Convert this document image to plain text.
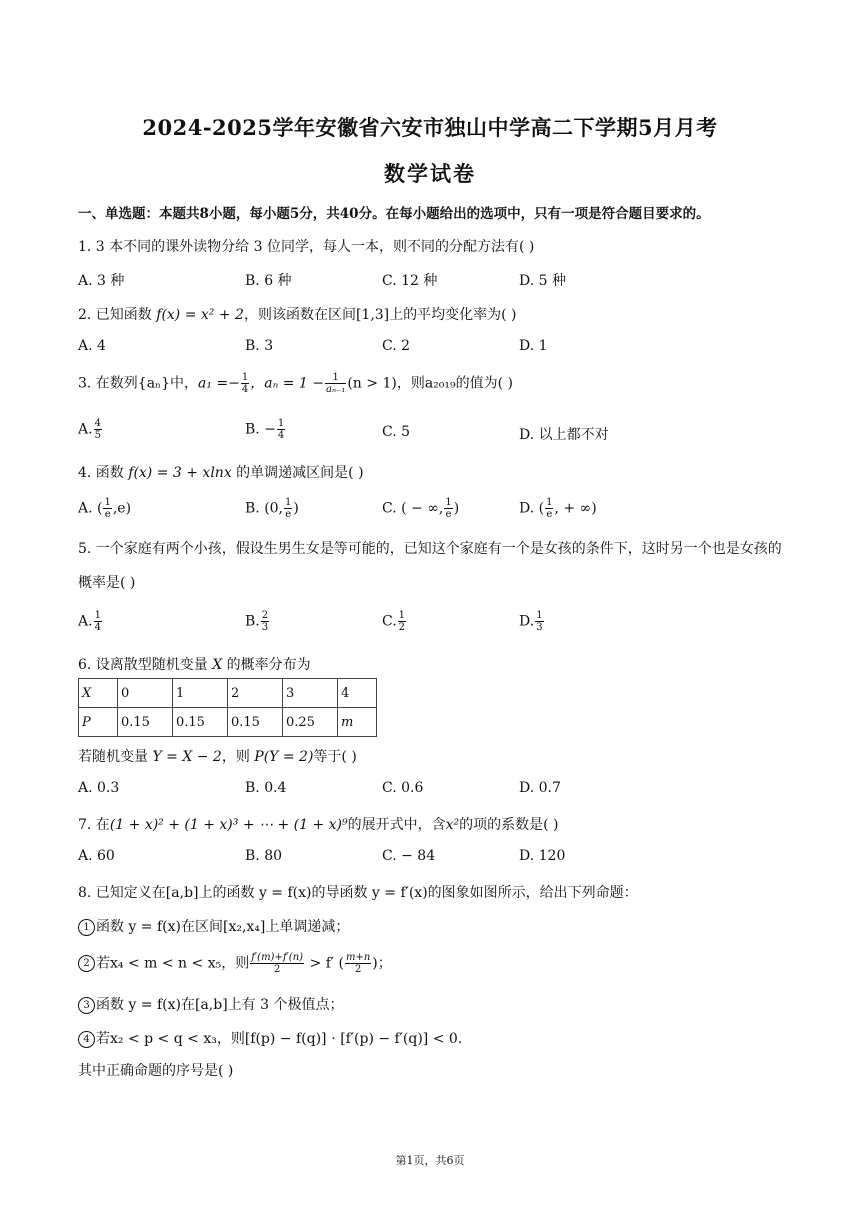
2024-2025学年安徽省六安市独山中学高二下学期5月月考
数学试卷
一、单选题：本题共8小题，每小题5分，共40分。在每小题给出的选项中，只有一项是符合题目要求的。
1. 3 本不同的课外读物分给 3 位同学，每人一本，则不同的分配方法有( )
A. 3 种	B. 6 种	C. 12 种	D. 5 种
2. 已知函数 f(x) = x² + 2，则该函数在区间[1,3]上的平均变化率为( )
A. 4	B. 3	C. 2	D. 1
3. 在数列{aₙ}中，$a_1 =- \frac{1}{4}$ ，$a_n = 1 - \frac{1}{\text{aₙ₋₁}} (n > 1)$，则a₂₀₁₉的值为( )
A. $\frac{4}{5}$	B. − $\frac{1}{4}$	C. 5	D. 以上都不对
4. 函数 f(x) = 3 + xlnx 的单调递减区间是( )
A. ( $\frac{1}{e} ,e$)	B. (0, $\frac{1}{e}$ )	C. ( − ∞, $\frac{1}{e}$ )	D. ( $\frac{1}{e}$ , + ∞)
5. 一个家庭有两个小孩，假设生男生女是等可能的，已知这个家庭有一个是女孩的条件下，这时另一个也是女孩的概率是( )
A. $\frac{1}{4}$	B. $\frac{2}{3}$	C. $\frac{1}{2}$	D. $\frac{1}{3}$
6. 设离散型随机变量 X 的概率分布为
X	0	1	2	3	4
P	0.15	0.15	0.15	0.25	m
若随机变量 Y = X − 2，则 P(Y = 2)等于( )
A. 0.3	B. 0.4	C. 0.6	D. 0.7
7. 在(1 + x)² + (1 + x)³ + ⋯ + (1 + x)⁹的展开式中，含x²的项的系数是( )
A. 60	B. 80	C. − 84	D. 120
8. 已知定义在[a,b]上的函数 y = f(x)的导函数 y = f′(x)的图象如图所示，给出下列命题：
1 函数 y = f(x)在区间[x₂,x₄]上单调递减；
2 若x₄ < m < n < x₅，则 $\frac{f'(m)+f'(n)}{2} > f'$ ( $\frac{m+n}{2}$ )；
3 函数 y = f(x)在[a,b]上有 3 个极值点；
4 若x₂ < p < q < x₃，则[f(p) − f(q)] ⋅ [f′(p) − f′(q)] < 0.
其中正确命题的序号是( )
第1页，共6页
